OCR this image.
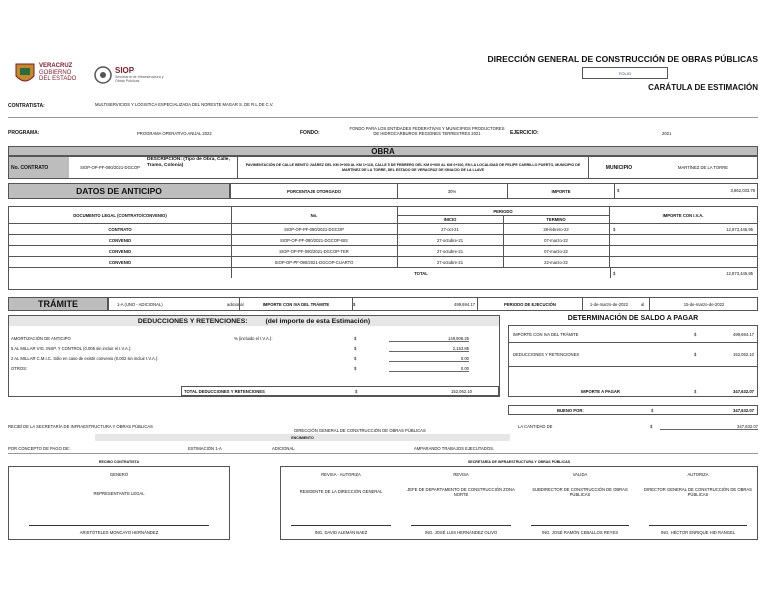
VERACRUZ
GOBIERNO
DEL ESTADO
SIOP
Secretaría de Infraestructura y Obras Públicas
DIRECCIÓN GENERAL DE CONSTRUCCIÓN DE OBRAS PÚBLICAS
FOLIO
CARÁTULA DE ESTIMACIÓN
CONTRATISTA:	MULTISERVICIOS Y LOGISTICA ESPECIALIZADA DEL NORESTE MAGAR S. DE R.L DE C.V.
PROGRAMA:	PROGRAMA OPERATIVO ANUAL 2022	FONDO:
FONDO PARA LOS ENTIDADES FEDERATIVAS Y MUNICIPIOS PRODUCTORES DE HIDROCARBUROS REGIONES TERRESTRES 2021	EJERCICIO:	2021
OBRA
No. CONTRATO	SIOP-OP-PF-090/2021-DGCOP
DESCRIPCIÓN: (Tipo de Obra, Calle, Tramo, Colonia)	PAVIMENTACIÓN DE CALLE BENITO JUÁREZ DEL KM 0+000 AL KM 1+118, CALLE 5 DE FEBRERO DEL KM 0+000 AL KM 0+100, EN LA LOCALIDAD DE FELIPE CARRILLO PUERTO, MUNICIPIO DE MARTÍNEZ DE LA TORRE, DEL ESTADO DE VERACRUZ DE IGNACIO DE LA LLAVE	MUNICIPIO	MARTÍNEZ DE LA TORRE
DATOS DE ANTICIPO	PORCENTAJE OTORGADO	30%	IMPORTE	$	3,862,033.78
DOCUMENTO LEGAL (CONTRATO/CONVENIO)	No.
PERIODO
INICIO	TERMINO
IMPORTE CON I.V.A.
CONTRATO	SIOP-OP-PF-090/2021-DGCOP	27-oct-21	28-febrero-22	$	12,873,445.95
CONVENIO	SIOP-OP-PF-090/2021-DGCOP-BIS	27-octubre-21	07-marzo-22
CONVENIO	SIOP-OP-PF-090/2021-DGCOP-TER	27-octubre-21	07-marzo-22
CONVENIO	SIOP-OP-PF-090/2021-DGCOP-CUARTO	27-octubre-21	22-marzo-22
TOTAL	$	12,873,445.95
TRÁMITE	1-A (UNO - ADICIONAL)	adicional	IMPORTE CON IVA DEL TRÁMITE	$	499,694.17	PERIODO DE EJECUCIÓN	1-de-marzo-de-2022	al	15-de-marzo-de-2022
DEDUCCIONES Y RETENCIONES:	(del importe de esta Estimación)
AMORTIZACIÓN DE ANTICIPO	% (incluido el I.V.A.):	$	149,908.25
5 AL MILLAR VIG. INSP. Y CONTROL (0.005 sin incluir el I.V.A.):	$	2,153.85
2 AL MILLAR C.M.I.C. Sólo en caso de existir convenio (0.002 sin incluir I.V.A.):	$	0.00
OTROS:	$	0.00
TOTAL DEDUCCIONES Y RETENCIONES	$	152,062.10
DETERMINACIÓN DE SALDO A PAGAR
IMPORTE CON IVA DEL TRÁMITE	$	499,694.17
DEDUCCIONES Y RETENCIONES	$	152,062.10
IMPORTE A PAGAR	$	347,632.07
BUENO POR:	$	347,632.07
RECIBÍ DE LA SECRETARÍA DE INFRAESTRUCTURA Y OBRAS PÚBLICAS
DIRECCIÓN GENERAL DE CONSTRUCCIÓN DE OBRAS PÚBLICAS
LA CANTIDAD DE	$	347,632.07
ENCIMIENTO
POR CONCEPTO DE PAGO DE:	ESTIMACIÓN 1-A	ADICIONAL	AMPARANDO TRABAJOS EJECUTADOS.
RECIBO CONTRATISTA	SECRETARÍA DE INFRAESTRUCTURA Y OBRAS PÚBLICAS
GENERÓ
REPRESENTANTE LEGAL
ARISTÓTELES MONCAYO HERNÁNDEZ
REVISA - AUTORIZA
RESIDENTE DE LA DIRECCIÓN GENERAL
ING. DAVID ALEMÁN BAEZ
REVISA
JEFE DE DEPARTAMENTO DE CONSTRUCCIÓN ZONA NORTE
ING. JOSÉ LUIS HERNÁNDEZ OLIVO
VALIDA
SUBDIRECTOR DE CONSTRUCCIÓN DE OBRAS PÚBLICAS
ING. JOSÉ RAMÓN CEBALLOS REYES
AUTORIZA
DIRECTOR GENERAL DE CONSTRUCCIÓN DE OBRAS PÚBLICAS
ING. HÉCTOR ENRIQUE HID RANGEL
